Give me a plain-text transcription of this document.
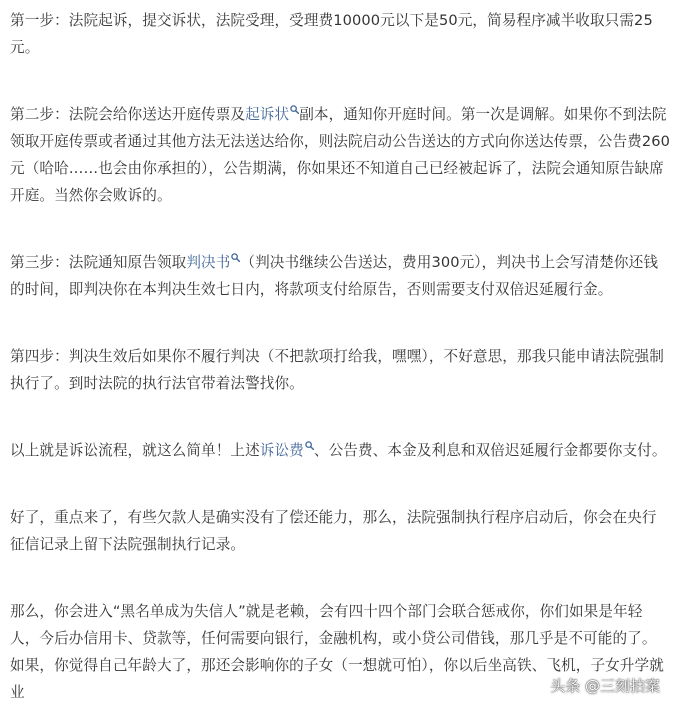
第一步：法院起诉，提交诉状，法院受理，受理费10000元以下是50元，简易程序减半收取只需25元。

第二步：法院会给你送达开庭传票及起诉状 副本，通知你开庭时间。第一次是调解。如果你不到法院领取开庭传票或者通过其他方法无法送达给你，则法院启动公告送达的方式向你送达传票，公告费260元（哈哈……也会由你承担的），公告期满，你如果还不知道自己已经被起诉了，法院会通知原告缺席开庭。当然你会败诉的。

第三步：法院通知原告领取判决书 （判决书继续公告送达，费用300元），判决书上会写清楚你还钱的时间，即判决你在本判决生效七日内，将款项支付给原告，否则需要支付双倍迟延履行金。

第四步：判决生效后如果你不履行判决（不把款项打给我，嘿嘿），不好意思，那我只能申请法院强制执行了。到时法院的执行法官带着法警找你。

以上就是诉讼流程，就这么简单！上述诉讼费 、公告费、本金及利息和双倍迟延履行金都要你支付。

好了，重点来了，有些欠款人是确实没有了偿还能力，那么，法院强制执行程序启动后，你会在央行征信记录上留下法院强制执行记录。

那么，你会进入“黑名单成为失信人”就是老赖，会有四十四个部门会联合惩戒你，你们如果是年轻人，今后办信用卡、贷款等，任何需要向银行，金融机构，或小贷公司借钱，那几乎是不可能的了。如果，你觉得自己年龄大了，那还会影响你的子女（一想就可怕），你以后坐高铁、飞机，子女升学就业	头条 @三刻拍案
